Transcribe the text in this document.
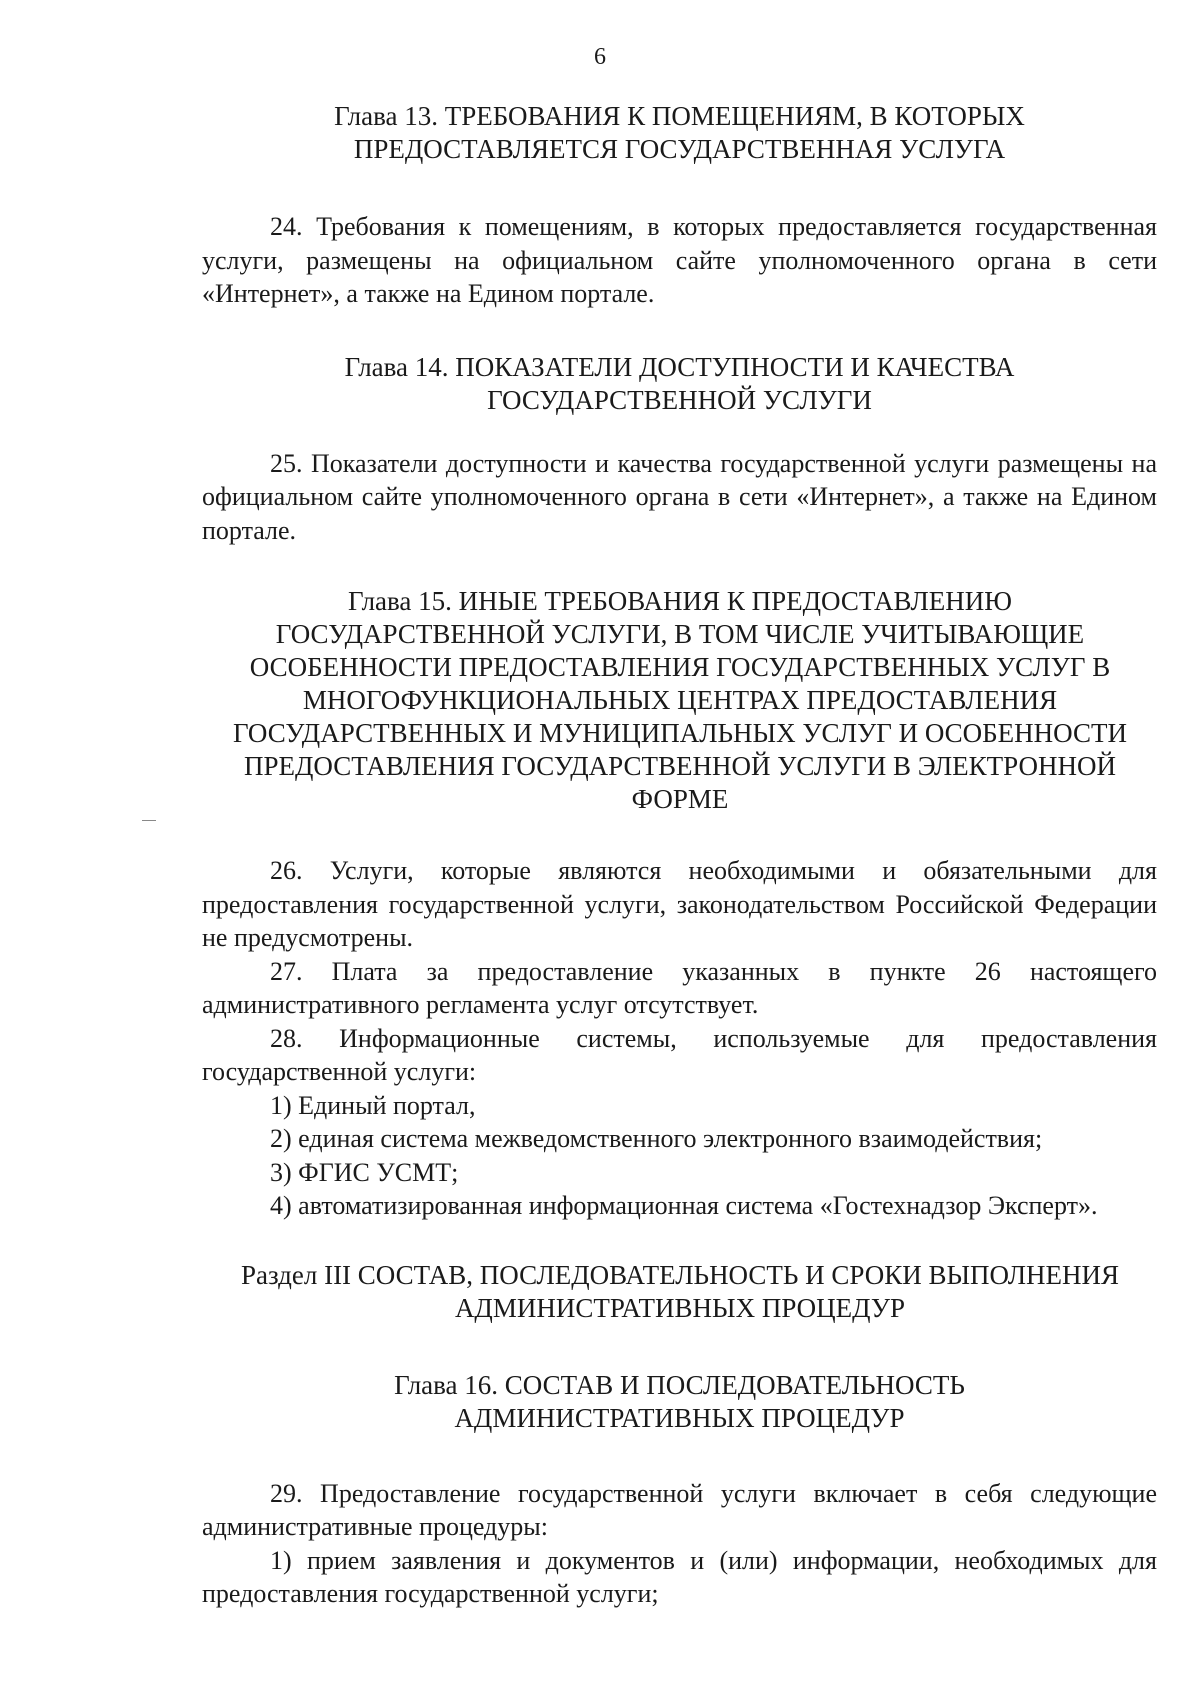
6
Глава 13. ТРЕБОВАНИЯ К ПОМЕЩЕНИЯМ, В КОТОРЫХ
ПРЕДОСТАВЛЯЕТСЯ ГОСУДАРСТВЕННАЯ УСЛУГА

24. Требования к помещениям, в которых предоставляется государственная услуги, размещены на официальном сайте уполномоченного органа в сети «Интернет», а также на Едином портале.

Глава 14. ПОКАЗАТЕЛИ ДОСТУПНОСТИ И КАЧЕСТВА
ГОСУДАРСТВЕННОЙ УСЛУГИ

25. Показатели доступности и качества государственной услуги размещены на официальном сайте уполномоченного органа в сети «Интернет», а также на Едином портале.

Глава 15. ИНЫЕ ТРЕБОВАНИЯ К ПРЕДОСТАВЛЕНИЮ
ГОСУДАРСТВЕННОЙ УСЛУГИ, В ТОМ ЧИСЛЕ УЧИТЫВАЮЩИЕ
ОСОБЕННОСТИ ПРЕДОСТАВЛЕНИЯ ГОСУДАРСТВЕННЫХ УСЛУГ В
МНОГОФУНКЦИОНАЛЬНЫХ ЦЕНТРАХ ПРЕДОСТАВЛЕНИЯ
ГОСУДАРСТВЕННЫХ И МУНИЦИПАЛЬНЫХ УСЛУГ И ОСОБЕННОСТИ
ПРЕДОСТАВЛЕНИЯ ГОСУДАРСТВЕННОЙ УСЛУГИ В ЭЛЕКТРОННОЙ
ФОРМЕ

26. Услуги, которые являются необходимыми и обязательными для предоставления государственной услуги, законодательством Российской Федерации не предусмотрены.

27. Плата за предоставление указанных в пункте 26 настоящего административного регламента услуг отсутствует.

28. Информационные системы, используемые для предоставления государственной услуги:

1) Единый портал,

2) единая система межведомственного электронного взаимодействия;

3) ФГИС УСМТ;

4) автоматизированная информационная система «Гостехнадзор Эксперт».

Раздел III СОСТАВ, ПОСЛЕДОВАТЕЛЬНОСТЬ И СРОКИ ВЫПОЛНЕНИЯ
АДМИНИСТРАТИВНЫХ ПРОЦЕДУР
Глава 16. СОСТАВ И ПОСЛЕДОВАТЕЛЬНОСТЬ
АДМИНИСТРАТИВНЫХ ПРОЦЕДУР

29. Предоставление государственной услуги включает в себя следующие административные процедуры:

1) прием заявления и документов и (или) информации, необходимых для предоставления государственной услуги;
